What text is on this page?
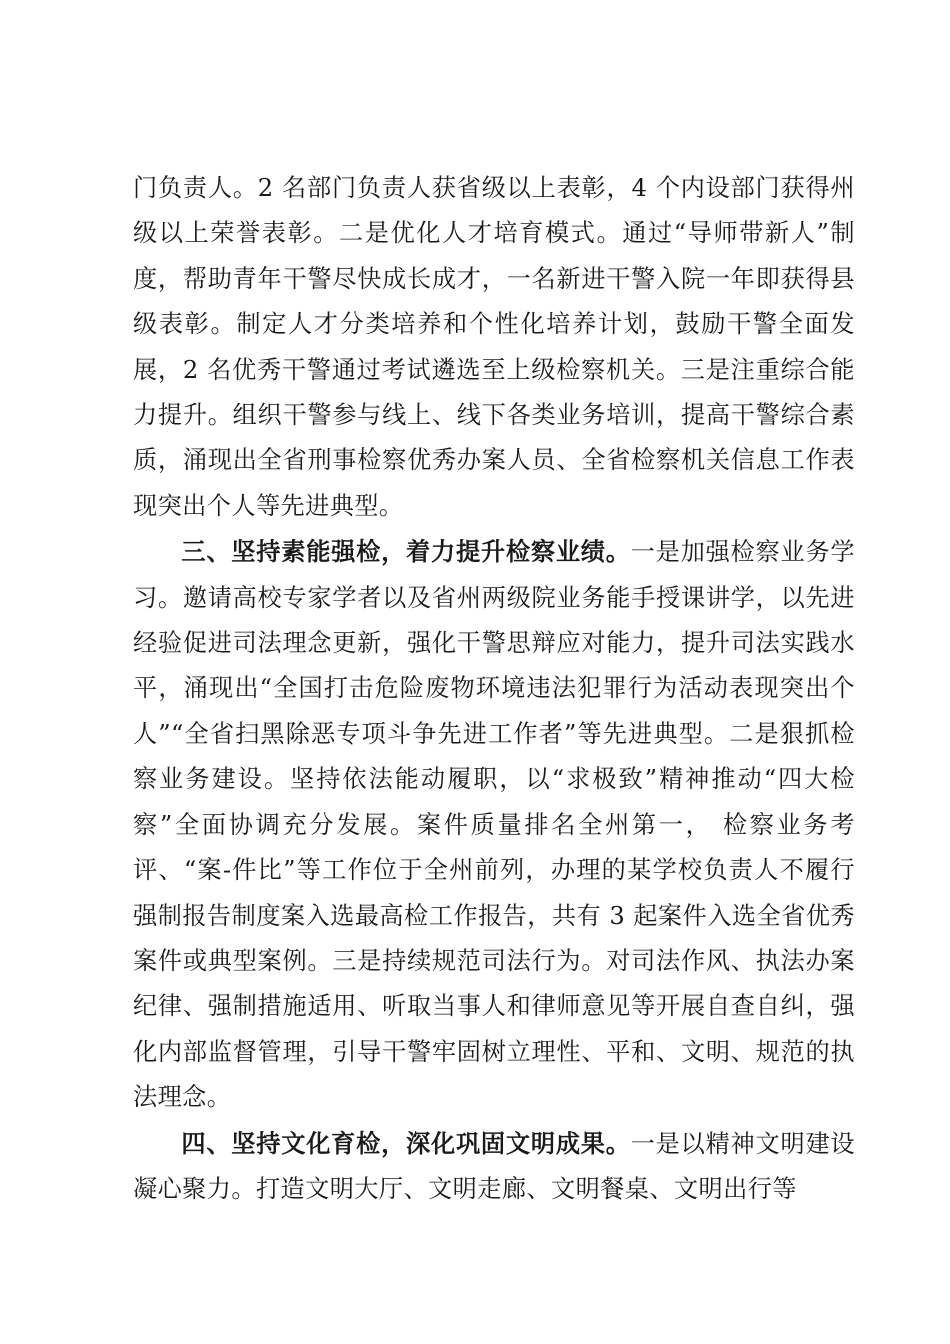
门负责人。2 名部门负责人获省级以上表彰，4 个内设部门获得州级以上荣誉表彰。二是优化人才培育模式。通过“导师带新人”制度，帮助青年干警尽快成长成才，一名新进干警入院一年即获得县级表彰。制定人才分类培养和个性化培养计划，鼓励干警全面发展，2 名优秀干警通过考试遴选至上级检察机关。三是注重综合能力提升。组织干警参与线上、线下各类业务培训，提高干警综合素质，涌现出全省刑事检察优秀办案人员、全省检察机关信息工作表现突出个人等先进典型。

三、坚持素能强检，着力提升检察业绩。一是加强检察业务学习。邀请高校专家学者以及省州两级院业务能手授课讲学，以先进经验促进司法理念更新，强化干警思辩应对能力，提升司法实践水平，涌现出“全国打击危险废物环境违法犯罪行为活动表现突出个人”“全省扫黑除恶专项斗争先进工作者”等先进典型。二是狠抓检察业务建设。坚持依法能动履职，以“求极致”精神推动“四大检察”全面协调充分发展。案件质量排名全州第一， 检察业务考评、“案-件比”等工作位于全州前列，办理的某学校负责人不履行强制报告制度案入选最高检工作报告，共有 3 起案件入选全省优秀案件或典型案例。三是持续规范司法行为。对司法作风、执法办案纪律、强制措施适用、听取当事人和律师意见等开展自查自纠，强化内部监督管理，引导干警牢固树立理性、平和、文明、规范的执法理念。

四、坚持文化育检，深化巩固文明成果。一是以精神文明建设凝心聚力。打造文明大厅、文明走廊、文明餐桌、文明出行等
